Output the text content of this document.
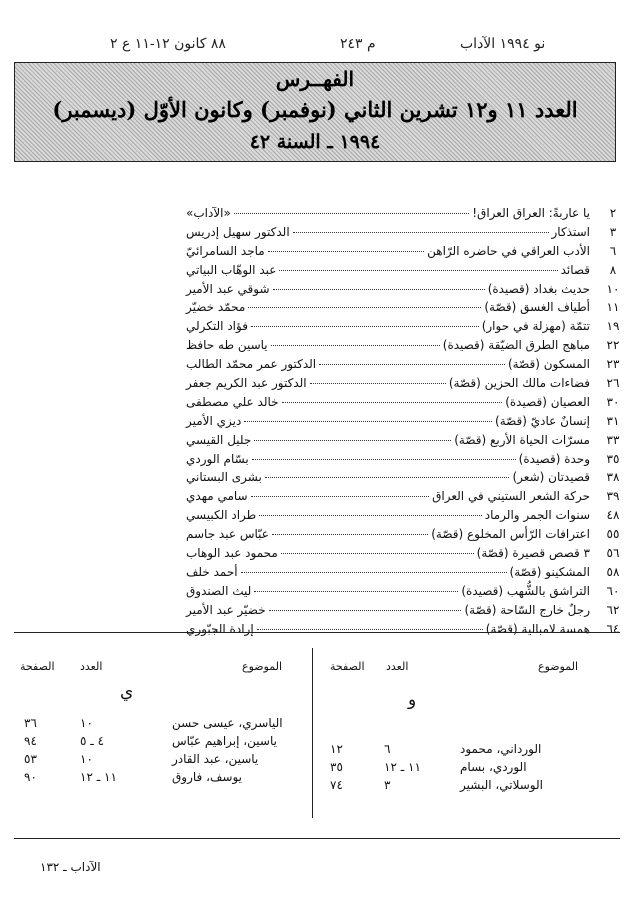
٨٨ كانون ١٢-١١ ع ٢	م ٢٤٣	نو ١٩٩٤ الآداب
الفهــرس
العدد ١١ و١٢ تشرين الثاني (نوفمبر) وكانون الأوّل (ديسمبر)
١٩٩٤ ـ السنة ٤٢
٢
يا عاربةً: العراق العراق!
«الآداب»
٣
استذكار
الدكتور سهيل إدريس
٦
الأدب العراقي في حاضره الرّاهن
ماجد السامرائيّ
٨
قصائد
عبد الوهّاب البياتي
١٠
حديث بغداد (قصيدة)
شوقي عبد الأمير
١١
أطياف الغسق (قصّة)
محمّد خضيّر
١٩
تتمّة (مهزلة في حوار)
فؤاد التكرلي
٢٢
مباهج الطرق الضيّقة (قصيدة)
ياسين طه حافظ
٢٣
المسكون (قصّة)
الدكتور عمر محمّد الطالب
٢٦
فضاءات مالك الحزين (قصّة)
الدكتور عبد الكريم جعفر
٣٠
العصيان (قصيدة)
خالد علي مصطفى
٣١
إنسانٌ عاديّ (قصّة)
ديزي الأمير
٣٣
مسرّات الحياة الأربع (قصّة)
جليل القيسي
٣٥
وحدة (قصيدة)
بسّام الوردي
٣٨
قصيدتان (شعر)
بشرى البستاني
٣٩
حركة الشعر الستيني في العراق
سامي مهدي
٤٨
سنوات الجمر والرماد
طراد الكبيسي
٥٥
اعترافات الرّأس المخلوع (قصّة)
عبّاس عبد جاسم
٥٦
٣ قصص قصيرة (قصّة)
محمود عبد الوهاب
٥٨
المشكينو (قصّة)
أحمد خلف
٦٠
التراشق بالشُّهب (قصيدة)
ليث الصندوق
٦٢
رجلٌ خارج السّاحة (قصّة)
خضيّر عبد الأمير
٦٤
همسة لامبالية (قصّة)
إرادة الجبّوري
الموضوع
العدد
الصفحة
الموضوع
العدد
الصفحة
و
ي
الورداني، محمود
٦
١٢
الوردي، بسام
١١ ـ ١٢
٣٥
الوسلاتي، البشير
٣
٧٤
الياسري، عيسى حسن
١٠
٣٦
ياسين، إبراهيم عبّاس
٤ ـ ٥
٩٤
ياسين، عبد القادر
١٠
٥٣
يوسف، فاروق
١١ ـ ١٢
٩٠
الآداب ـ ١٣٢
